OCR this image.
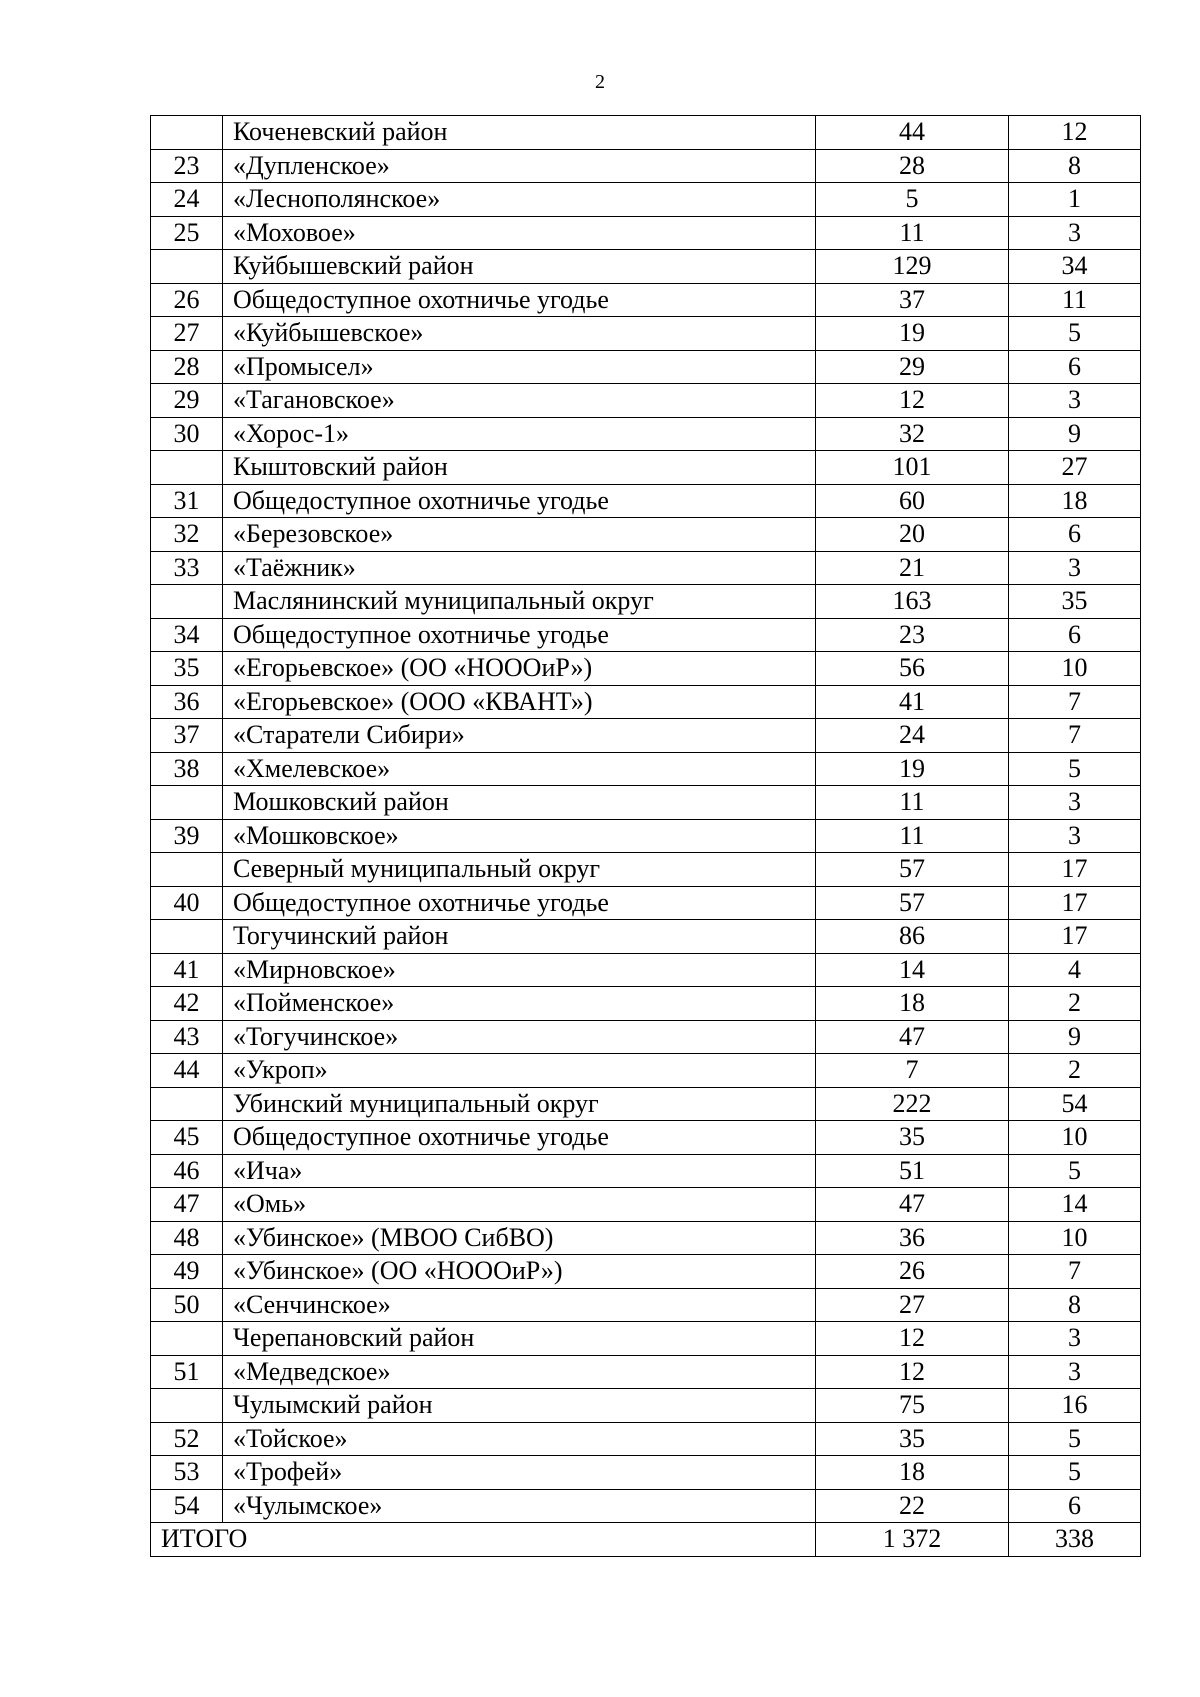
2
	Коченевский район	44	12
23	«Дупленское»	28	8
24	«Леснополянское»	5	1
25	«Моховое»	11	3
	Куйбышевский район	129	34
26	Общедоступное охотничье угодье	37	11
27	«Куйбышевское»	19	5
28	«Промысел»	29	6
29	«Тагановское»	12	3
30	«Хорос-1»	32	9
	Кыштовский район	101	27
31	Общедоступное охотничье угодье	60	18
32	«Березовское»	20	6
33	«Таёжник»	21	3
	Маслянинский муниципальный округ	163	35
34	Общедоступное охотничье угодье	23	6
35	«Егорьевское» (ОО «НОООиР»)	56	10
36	«Егорьевское» (ООО «КВАНТ»)	41	7
37	«Старатели Сибири»	24	7
38	«Хмелевское»	19	5
	Мошковский район	11	3
39	«Мошковское»	11	3
	Северный муниципальный округ	57	17
40	Общедоступное охотничье угодье	57	17
	Тогучинский район	86	17
41	«Мирновское»	14	4
42	«Пойменское»	18	2
43	«Тогучинское»	47	9
44	«Укроп»	7	2
	Убинский муниципальный округ	222	54
45	Общедоступное охотничье угодье	35	10
46	«Ича»	51	5
47	«Омь»	47	14
48	«Убинское» (МВОО СибВО)	36	10
49	«Убинское» (ОО «НОООиР»)	26	7
50	«Сенчинское»	27	8
	Черепановский район	12	3
51	«Медведское»	12	3
	Чулымский район	75	16
52	«Тойское»	35	5
53	«Трофей»	18	5
54	«Чулымское»	22	6
ИТОГО		1 372	338
